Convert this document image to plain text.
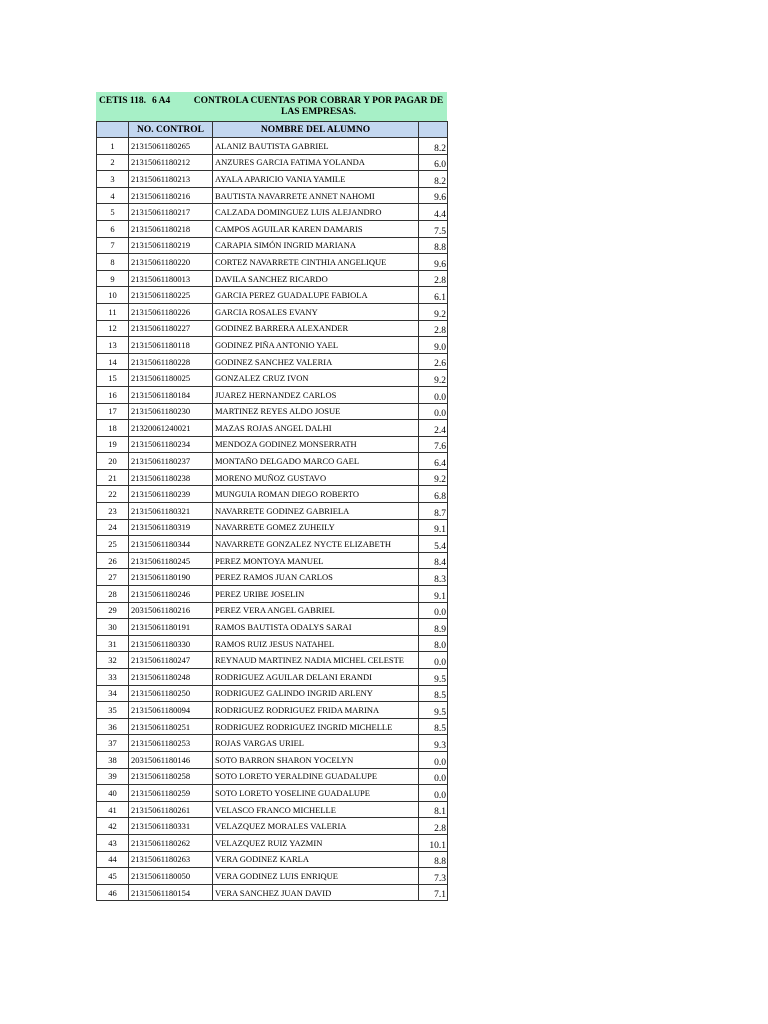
CETIS 118. 6 A4	CONTROLA CUENTAS POR COBRAR Y POR PAGAR DE LAS EMPRESAS.
	NO. CONTROL	NOMBRE DEL ALUMNO	
1	21315061180265	ALANIZ BAUTISTA GABRIEL	8.2
2	21315061180212	ANZURES GARCIA FATIMA YOLANDA	6.0
3	21315061180213	AYALA APARICIO VANIA YAMILE	8.2
4	21315061180216	BAUTISTA NAVARRETE ANNET NAHOMI	9.6
5	21315061180217	CALZADA DOMINGUEZ LUIS ALEJANDRO	4.4
6	21315061180218	CAMPOS AGUILAR KAREN DAMARIS	7.5
7	21315061180219	CARAPIA SIMÓN INGRID MARIANA	8.8
8	21315061180220	CORTEZ NAVARRETE CINTHIA ANGELIQUE	9.6
9	21315061180013	DAVILA SANCHEZ RICARDO	2.8
10	21315061180225	GARCIA PEREZ GUADALUPE FABIOLA	6.1
11	21315061180226	GARCIA ROSALES EVANY	9.2
12	21315061180227	GODINEZ BARRERA ALEXANDER	2.8
13	21315061180118	GODINEZ PIÑA ANTONIO YAEL	9.0
14	21315061180228	GODINEZ SANCHEZ VALERIA	2.6
15	21315061180025	GONZALEZ CRUZ IVON	9.2
16	21315061180184	JUAREZ HERNANDEZ CARLOS	0.0
17	21315061180230	MARTINEZ REYES ALDO JOSUE	0.0
18	21320061240021	MAZAS ROJAS ANGEL DALHI	2.4
19	21315061180234	MENDOZA GODINEZ MONSERRATH	7.6
20	21315061180237	MONTAÑO DELGADO MARCO GAEL	6.4
21	21315061180238	MORENO MUÑOZ GUSTAVO	9.2
22	21315061180239	MUNGUIA ROMAN DIEGO ROBERTO	6.8
23	21315061180321	NAVARRETE GODINEZ GABRIELA	8.7
24	21315061180319	NAVARRETE GOMEZ ZUHEILY	9.1
25	21315061180344	NAVARRETE GONZALEZ NYCTE ELIZABETH	5.4
26	21315061180245	PEREZ MONTOYA MANUEL	8.4
27	21315061180190	PEREZ RAMOS JUAN CARLOS	8.3
28	21315061180246	PEREZ URIBE JOSELIN	9.1
29	20315061180216	PEREZ VERA ANGEL GABRIEL	0.0
30	21315061180191	RAMOS BAUTISTA ODALYS SARAI	8.9
31	21315061180330	RAMOS RUIZ JESUS NATAHEL	8.0
32	21315061180247	REYNAUD MARTINEZ NADIA MICHEL CELESTE	0.0
33	21315061180248	RODRIGUEZ AGUILAR DELANI ERANDI	9.5
34	21315061180250	RODRIGUEZ GALINDO INGRID ARLENY	8.5
35	21315061180094	RODRIGUEZ RODRIGUEZ FRIDA MARINA	9.5
36	21315061180251	RODRIGUEZ RODRIGUEZ INGRID MICHELLE	8.5
37	21315061180253	ROJAS VARGAS URIEL	9.3
38	20315061180146	SOTO BARRON SHARON YOCELYN	0.0
39	21315061180258	SOTO LORETO YERALDINE GUADALUPE	0.0
40	21315061180259	SOTO LORETO YOSELINE GUADALUPE	0.0
41	21315061180261	VELASCO FRANCO MICHELLE	8.1
42	21315061180331	VELAZQUEZ MORALES VALERIA	2.8
43	21315061180262	VELAZQUEZ RUIZ YAZMIN	10.1
44	21315061180263	VERA GODINEZ KARLA	8.8
45	21315061180050	VERA GODINEZ LUIS ENRIQUE	7.3
46	21315061180154	VERA SANCHEZ JUAN DAVID	7.1
